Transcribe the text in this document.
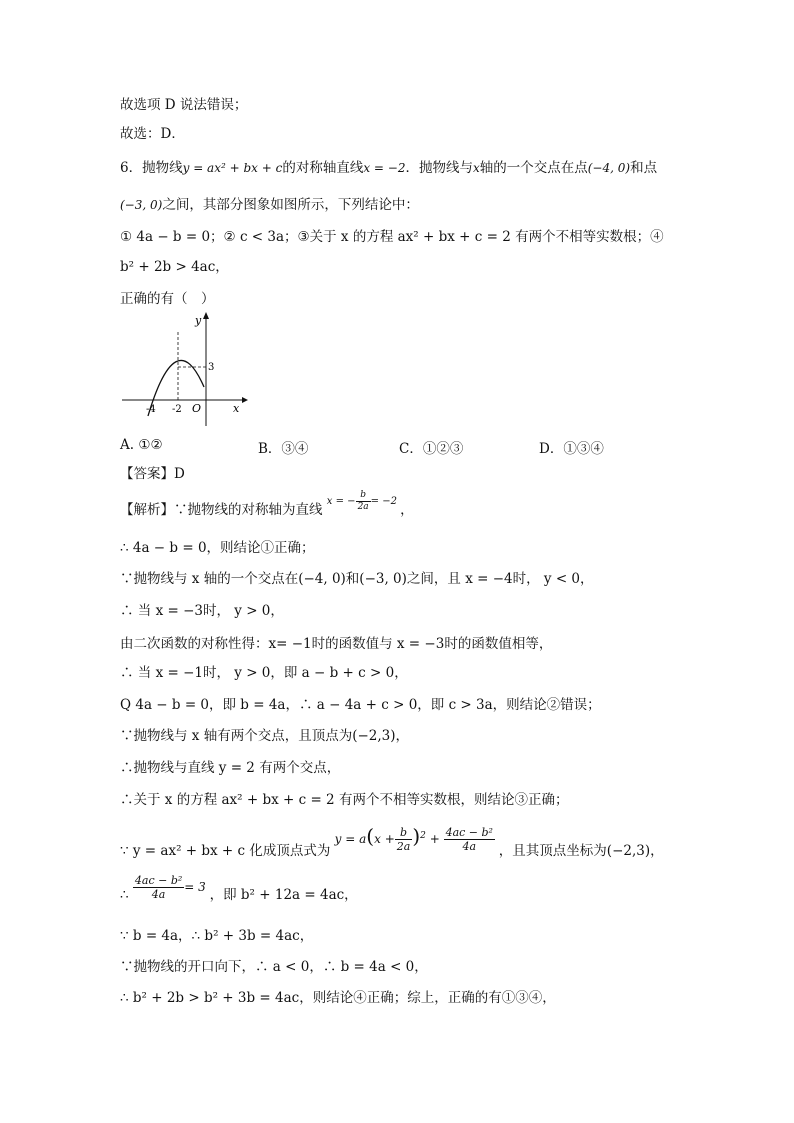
故选项 D 说法错误；
故选：D．
6．抛物线y = ax² + bx + c的对称轴直线x = −2．抛物线与x轴的一个交点在点(−4, 0)和点
(−3, 0)之间，其部分图象如图所示，下列结论中：
① 4a − b = 0；② c < 3a；③关于 x 的方程 ax² + bx + c = 2 有两个不相等实数根；④
b² + 2b > 4ac，
正确的有（　）
y
x
3
-4 -2 O
A. ①②	B．③④	C．①②③	D．①③④
【答案】D
【解析】∵抛物线的对称轴为直线 $^{x = - \frac{b}{2a} = -2}$ ，
∴ 4a − b = 0，则结论①正确；
∵抛物线与 x 轴的一个交点在(−4, 0)和(−3, 0)之间，且 x = −4时， y < 0，
∴ 当 x = −3时， y > 0，
由二次函数的对称性得：x= −1时的函数值与 x = −3时的函数值相等，
∴ 当 x = −1时， y > 0，即 a − b + c > 0，
Q 4a − b = 0，即 b = 4a，∴ a − 4a + c > 0，即 c > 3a，则结论②错误；
∵抛物线与 x 轴有两个交点，且顶点为(−2,3)，
∴抛物线与直线 y = 2 有两个交点，
∴关于 x 的方程 ax² + bx + c = 2 有两个不相等实数根，则结论③正确；
∵ y = ax² + bx + c 化成顶点式为 $y = a(x + \frac{b}{2a} )^2 + \frac{\text{4ac − b²}}{4a}$ ，且其顶点坐标为(−2,3)，
∴ $\frac{\text{4ac − b²}}{4a} = 3$ ，即 b² + 12a = 4ac，
∵ b = 4a，∴ b² + 3b = 4ac，
∵抛物线的开口向下，∴ a < 0，∴ b = 4a < 0，
∴ b² + 2b > b² + 3b = 4ac，则结论④正确；综上，正确的有①③④，
